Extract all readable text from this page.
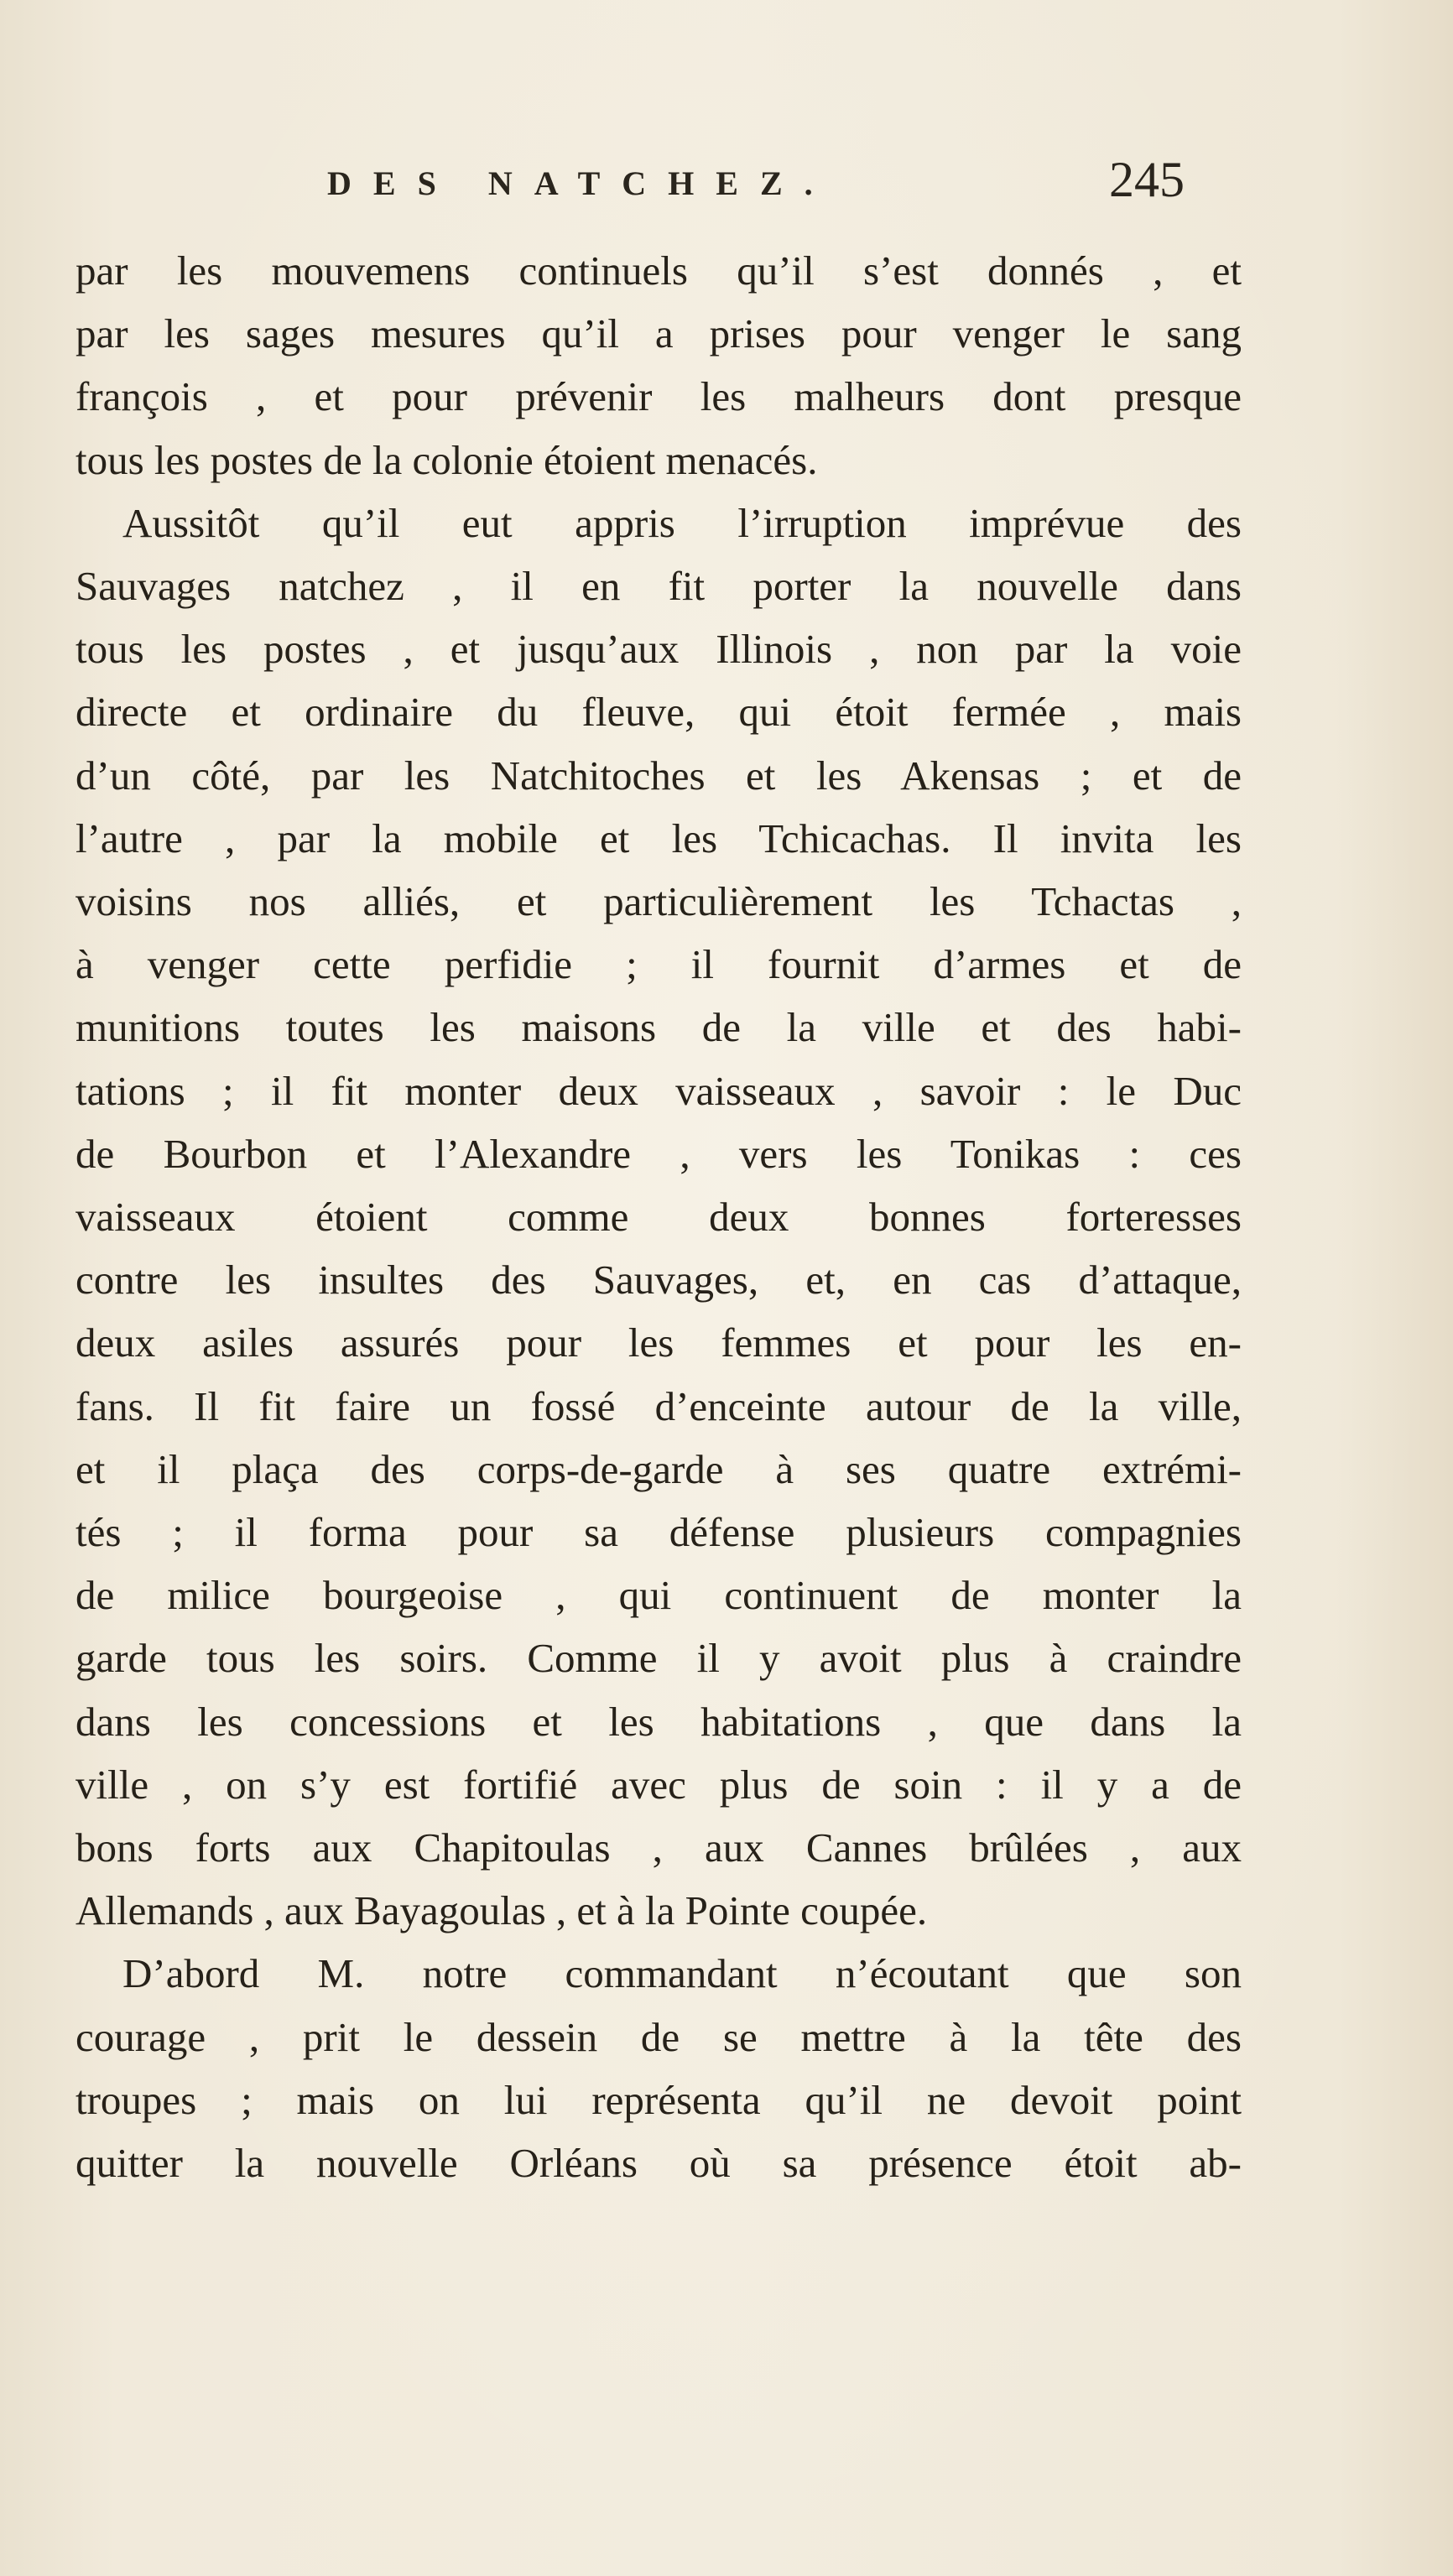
DES NATCHEZ.	245
par les mouvemens continuels qu’il s’est donnés , et
par les sages mesures qu’il a prises pour venger le sang
françois , et pour prévenir les malheurs dont presque
tous les postes de la colonie étoient menacés.
Aussitôt qu’il eut appris l’irruption imprévue des
Sauvages natchez , il en fit porter la nouvelle dans
tous les postes , et jusqu’aux Illinois , non par la voie
directe et ordinaire du fleuve, qui étoit fermée , mais
d’un côté, par les Natchitoches et les Akensas ; et de
l’autre , par la mobile et les Tchicachas. Il invita les
voisins nos alliés, et particulièrement les Tchactas ,
à venger cette perfidie ; il fournit d’armes et de
munitions toutes les maisons de la ville et des habi-
tations ; il fit monter deux vaisseaux , savoir : le Duc
de Bourbon et l’Alexandre , vers les Tonikas : ces
vaisseaux étoient comme deux bonnes forteresses
contre les insultes des Sauvages, et, en cas d’attaque,
deux asiles assurés pour les femmes et pour les en-
fans. Il fit faire un fossé d’enceinte autour de la ville,
et il plaça des corps-de-garde à ses quatre extrémi-
tés ; il forma pour sa défense plusieurs compagnies
de milice bourgeoise , qui continuent de monter la
garde tous les soirs. Comme il y avoit plus à craindre
dans les concessions et les habitations , que dans la
ville , on s’y est fortifié avec plus de soin : il y a de
bons forts aux Chapitoulas , aux Cannes brûlées , aux
Allemands , aux Bayagoulas , et à la Pointe coupée.
D’abord M. notre commandant n’écoutant que son
courage , prit le dessein de se mettre à la tête des
troupes ; mais on lui représenta qu’il ne devoit point
quitter la nouvelle Orléans où sa présence étoit ab-
